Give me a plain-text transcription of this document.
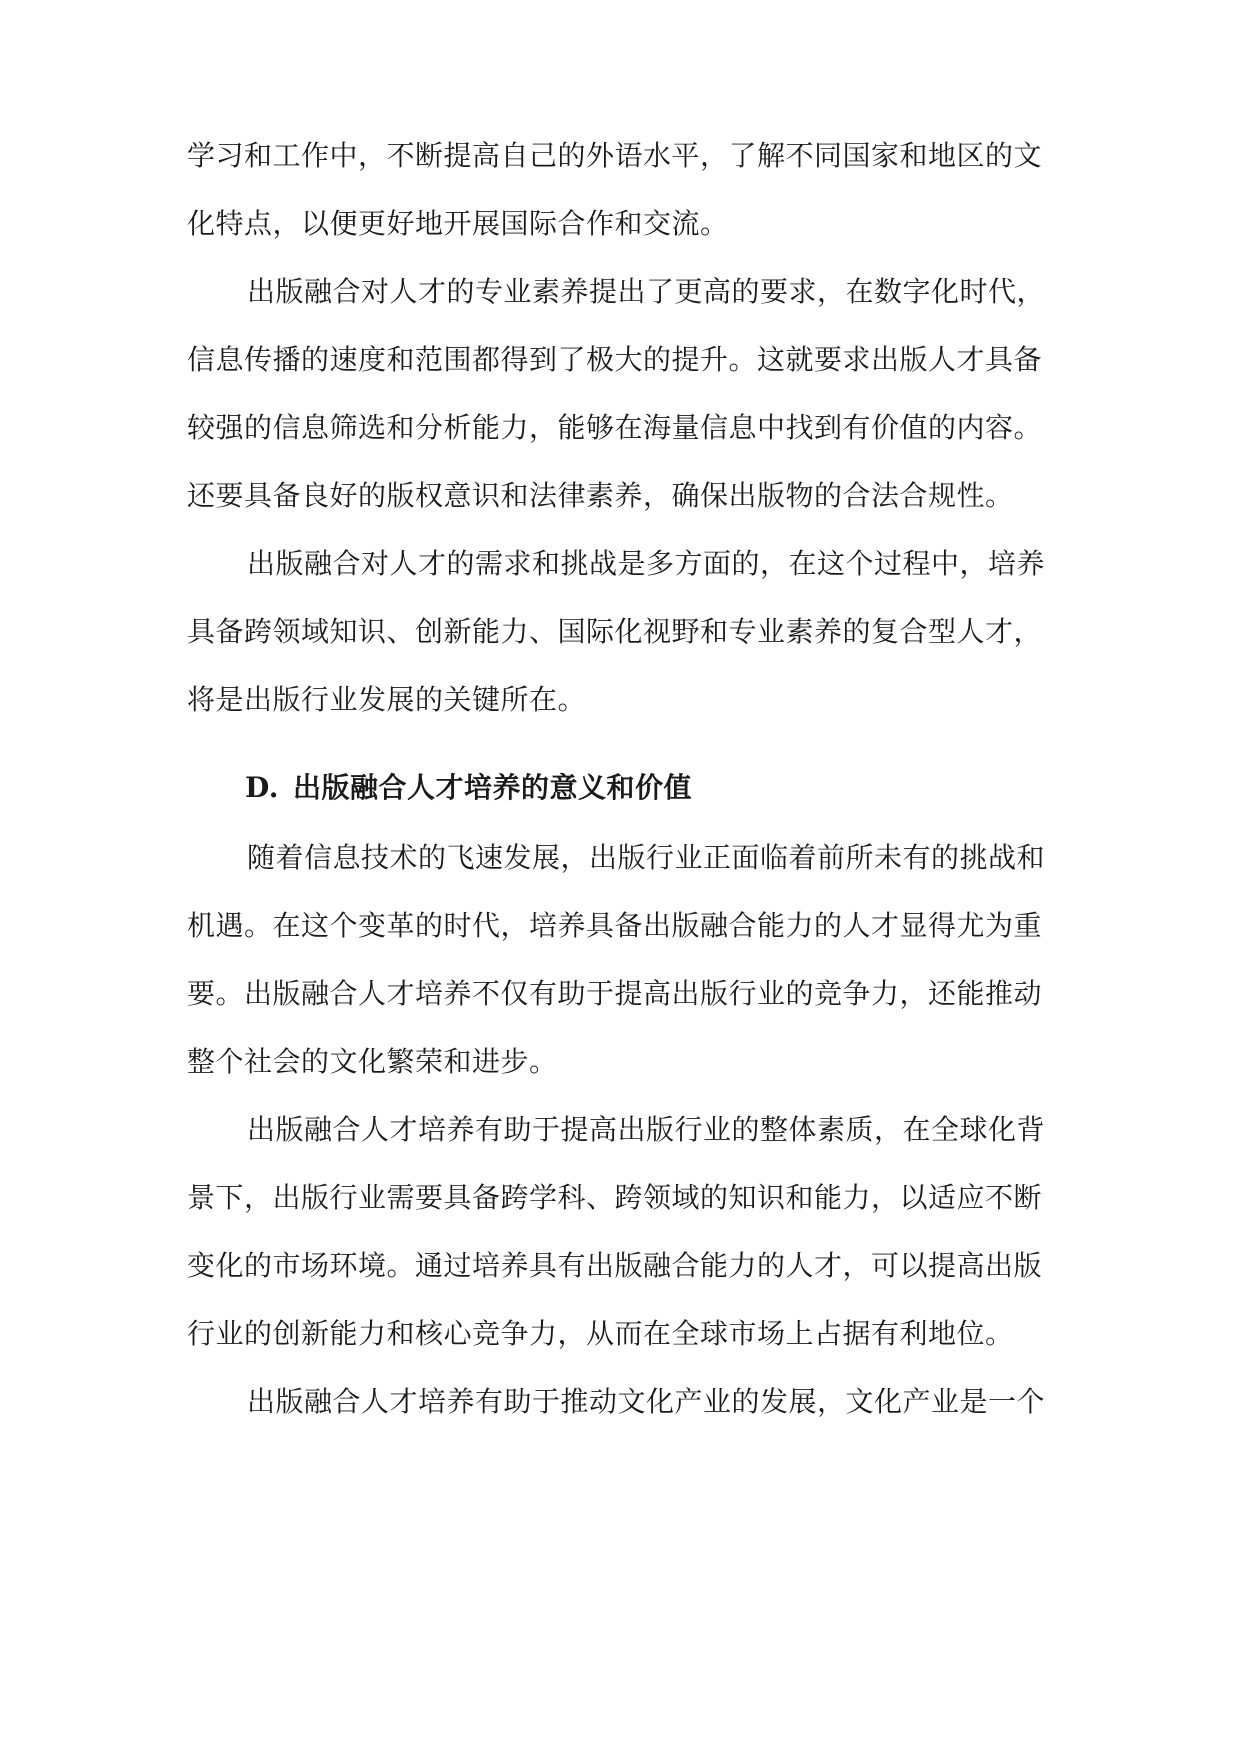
学习和工作中，不断提高自己的外语水平，了解不同国家和地区的文
化特点，以便更好地开展国际合作和交流。
出版融合对人才的专业素养提出了更高的要求，在数字化时代，
信息传播的速度和范围都得到了极大的提升。这就要求出版人才具备
较强的信息筛选和分析能力，能够在海量信息中找到有价值的内容。
还要具备良好的版权意识和法律素养，确保出版物的合法合规性。
出版融合对人才的需求和挑战是多方面的，在这个过程中，培养
具备跨领域知识、创新能力、国际化视野和专业素养的复合型人才，
将是出版行业发展的关键所在。
D. 出版融合人才培养的意义和价值
随着信息技术的飞速发展，出版行业正面临着前所未有的挑战和
机遇。在这个变革的时代，培养具备出版融合能力的人才显得尤为重
要。出版融合人才培养不仅有助于提高出版行业的竞争力，还能推动
整个社会的文化繁荣和进步。
出版融合人才培养有助于提高出版行业的整体素质，在全球化背
景下，出版行业需要具备跨学科、跨领域的知识和能力，以适应不断
变化的市场环境。通过培养具有出版融合能力的人才，可以提高出版
行业的创新能力和核心竞争力，从而在全球市场上占据有利地位。
出版融合人才培养有助于推动文化产业的发展，文化产业是一个
